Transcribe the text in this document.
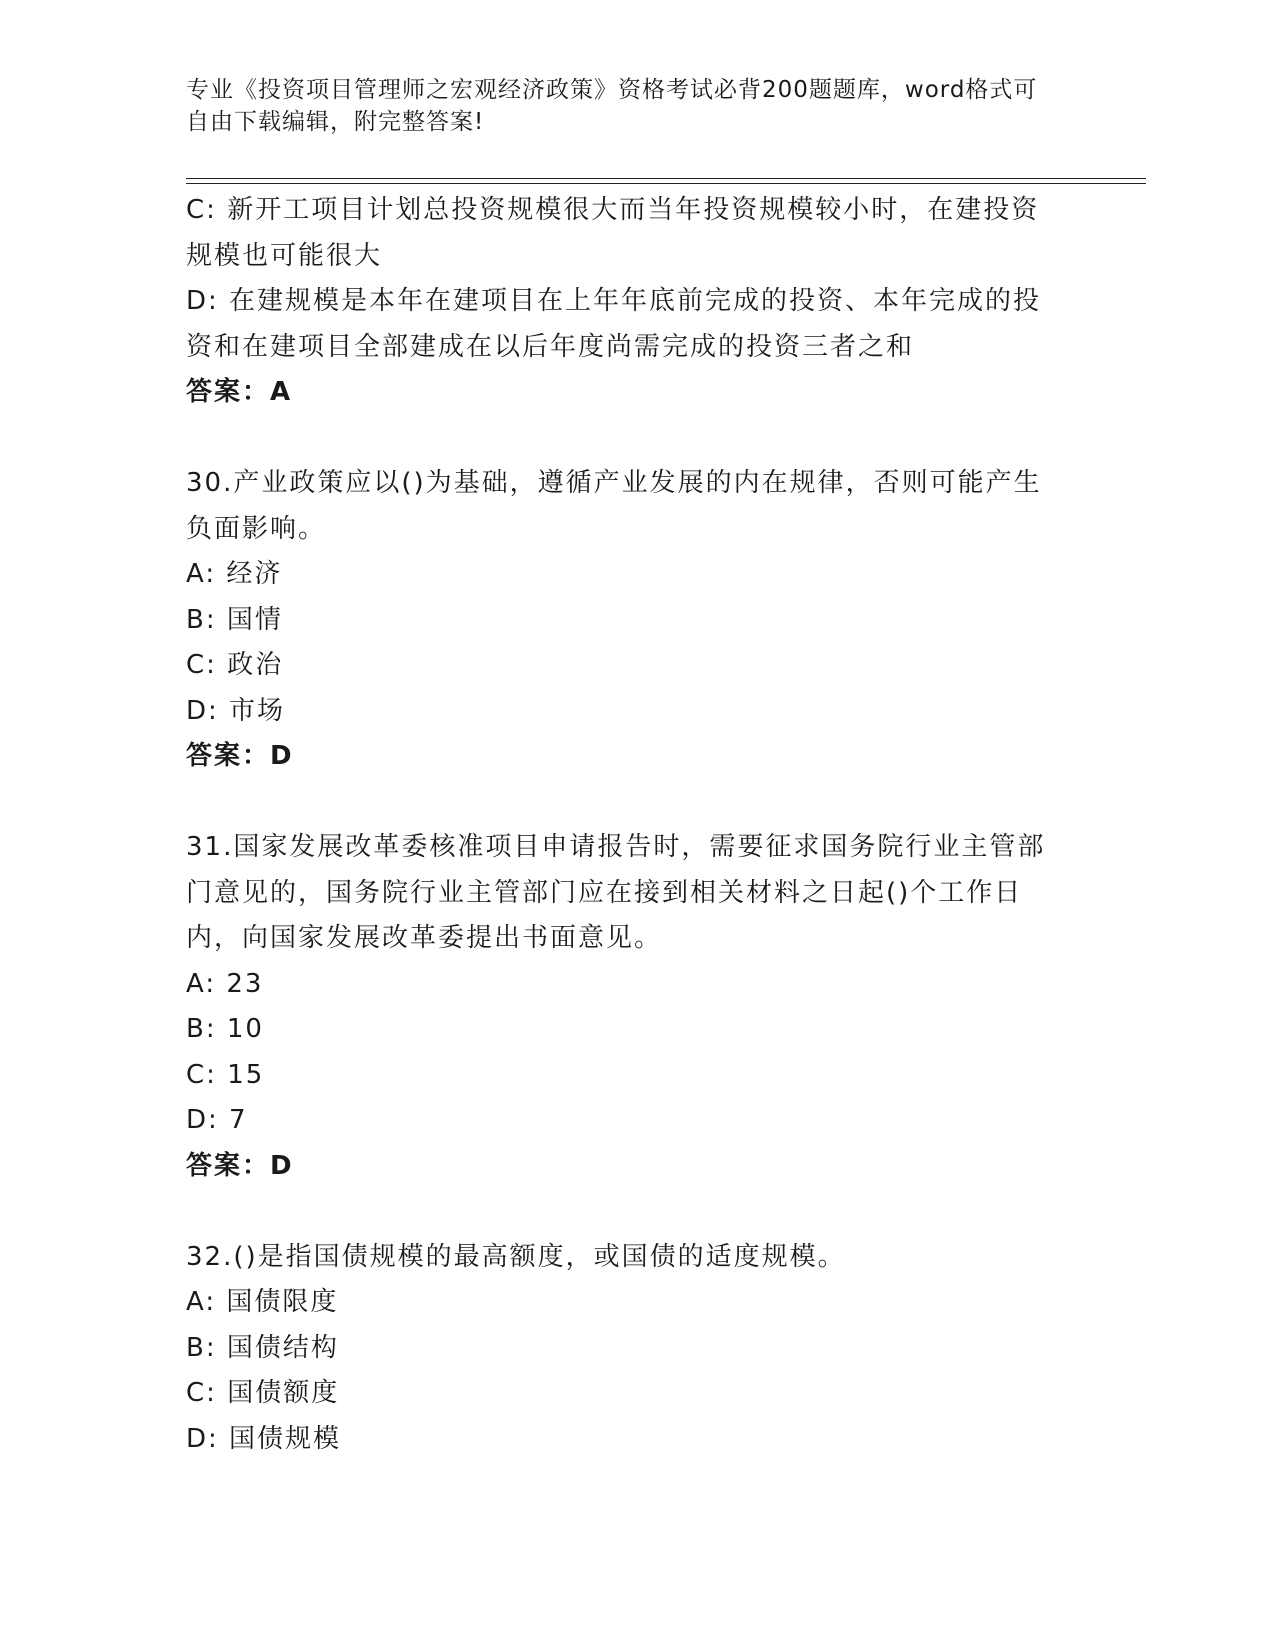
专业《投资项目管理师之宏观经济政策》资格考试必背200题题库，word格式可
自由下载编辑，附完整答案!
C: 新开工项目计划总投资规模很大而当年投资规模较小时，在建投资
规模也可能很大
D: 在建规模是本年在建项目在上年年底前完成的投资、本年完成的投
资和在建项目全部建成在以后年度尚需完成的投资三者之和
答案：A
30.产业政策应以()为基础，遵循产业发展的内在规律，否则可能产生
负面影响。
A: 经济
B: 国情
C: 政治
D: 市场
答案：D
31.国家发展改革委核准项目申请报告时，需要征求国务院行业主管部
门意见的，国务院行业主管部门应在接到相关材料之日起()个工作日
内，向国家发展改革委提出书面意见。
A: 23
B: 10
C: 15
D: 7
答案：D
32.()是指国债规模的最高额度，或国债的适度规模。
A: 国债限度
B: 国债结构
C: 国债额度
D: 国债规模
